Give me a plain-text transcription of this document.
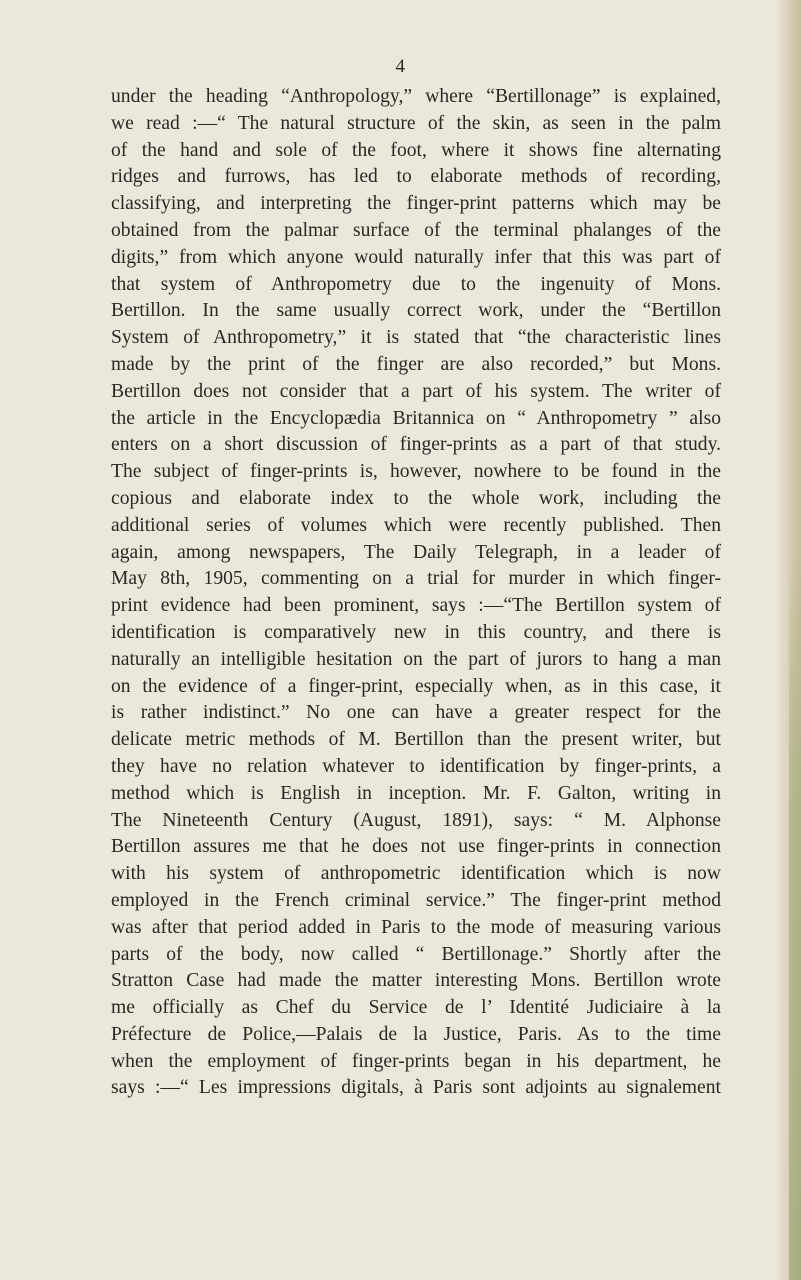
4
under the heading “Anthropology,” where “Bertillonage” is explained,
we read :—“ The natural structure of the skin, as seen in the palm
of the hand and sole of the foot, where it shows fine alternating
ridges and furrows, has led to elaborate methods of recording,
classifying, and interpreting the finger-print patterns which may be
obtained from the palmar surface of the terminal phalanges of the
digits,” from which anyone would naturally infer that this was part of
that system of Anthropometry due to the ingenuity of Mons.
Bertillon. In the same usually correct work, under the “Bertillon
System of Anthropometry,” it is stated that “the characteristic lines
made by the print of the finger are also recorded,” but Mons.
Bertillon does not consider that a part of his system. The writer of
the article in the Encyclopædia Britannica on “ Anthropometry ” also
enters on a short discussion of finger-prints as a part of that study.
The subject of finger-prints is, however, nowhere to be found in the
copious and elaborate index to the whole work, including the
additional series of volumes which were recently published. Then
again, among newspapers, The Daily Telegraph, in a leader of
May 8th, 1905, commenting on a trial for murder in which finger-
print evidence had been prominent, says :—“The Bertillon system of
identification is comparatively new in this country, and there is
naturally an intelligible hesitation on the part of jurors to hang a man
on the evidence of a finger-print, especially when, as in this case, it
is rather indistinct.” No one can have a greater respect for the
delicate metric methods of M. Bertillon than the present writer, but
they have no relation whatever to identification by finger-prints, a
method which is English in inception. Mr. F. Galton, writing in
The Nineteenth Century (August, 1891), says: “ M. Alphonse
Bertillon assures me that he does not use finger-prints in connection
with his system of anthropometric identification which is now
employed in the French criminal service.” The finger-print method
was after that period added in Paris to the mode of measuring various
parts of the body, now called “ Bertillonage.” Shortly after the
Stratton Case had made the matter interesting Mons. Bertillon wrote
me officially as Chef du Service de l’ Identité Judiciaire à la
Préfecture de Police,—Palais de la Justice, Paris. As to the time
when the employment of finger-prints began in his department, he
says :—“ Les impressions digitals, à Paris sont adjoints au signalement
